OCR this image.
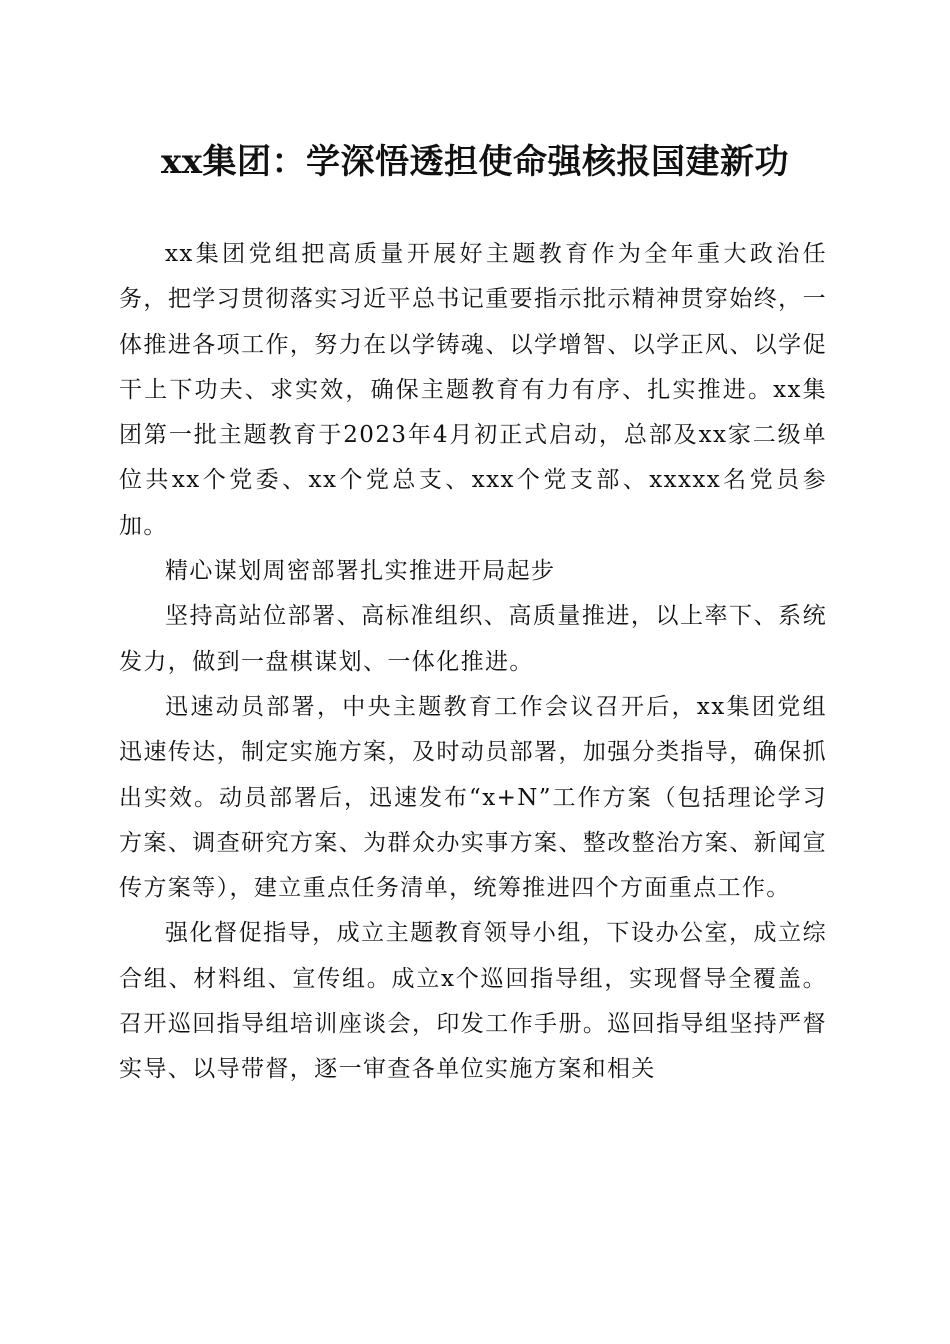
xx集团：学深悟透担使命强核报国建新功

xx集团党组把高质量开展好主题教育作为全年重大政治任务，把学习贯彻落实习近平总书记重要指示批示精神贯穿始终，一体推进各项工作，努力在以学铸魂、以学增智、以学正风、以学促干上下功夫、求实效，确保主题教育有力有序、扎实推进。xx集团第一批主题教育于2023年4月初正式启动，总部及xx家二级单位共xx个党委、xx个党总支、xxx个党支部、xxxxx名党员参加。

精心谋划周密部署扎实推进开局起步

坚持高站位部署、高标准组织、高质量推进，以上率下、系统发力，做到一盘棋谋划、一体化推进。

迅速动员部署，中央主题教育工作会议召开后，xx集团党组迅速传达，制定实施方案，及时动员部署，加强分类指导，确保抓出实效。动员部署后，迅速发布“x+N”工作方案（包括理论学习方案、调查研究方案、为群众办实事方案、整改整治方案、新闻宣传方案等），建立重点任务清单，统筹推进四个方面重点工作。

强化督促指导，成立主题教育领导小组，下设办公室，成立综合组、材料组、宣传组。成立x个巡回指导组，实现督导全覆盖。召开巡回指导组培训座谈会，印发工作手册。巡回指导组坚持严督实导、以导带督，逐一审查各单位实施方案和相关
